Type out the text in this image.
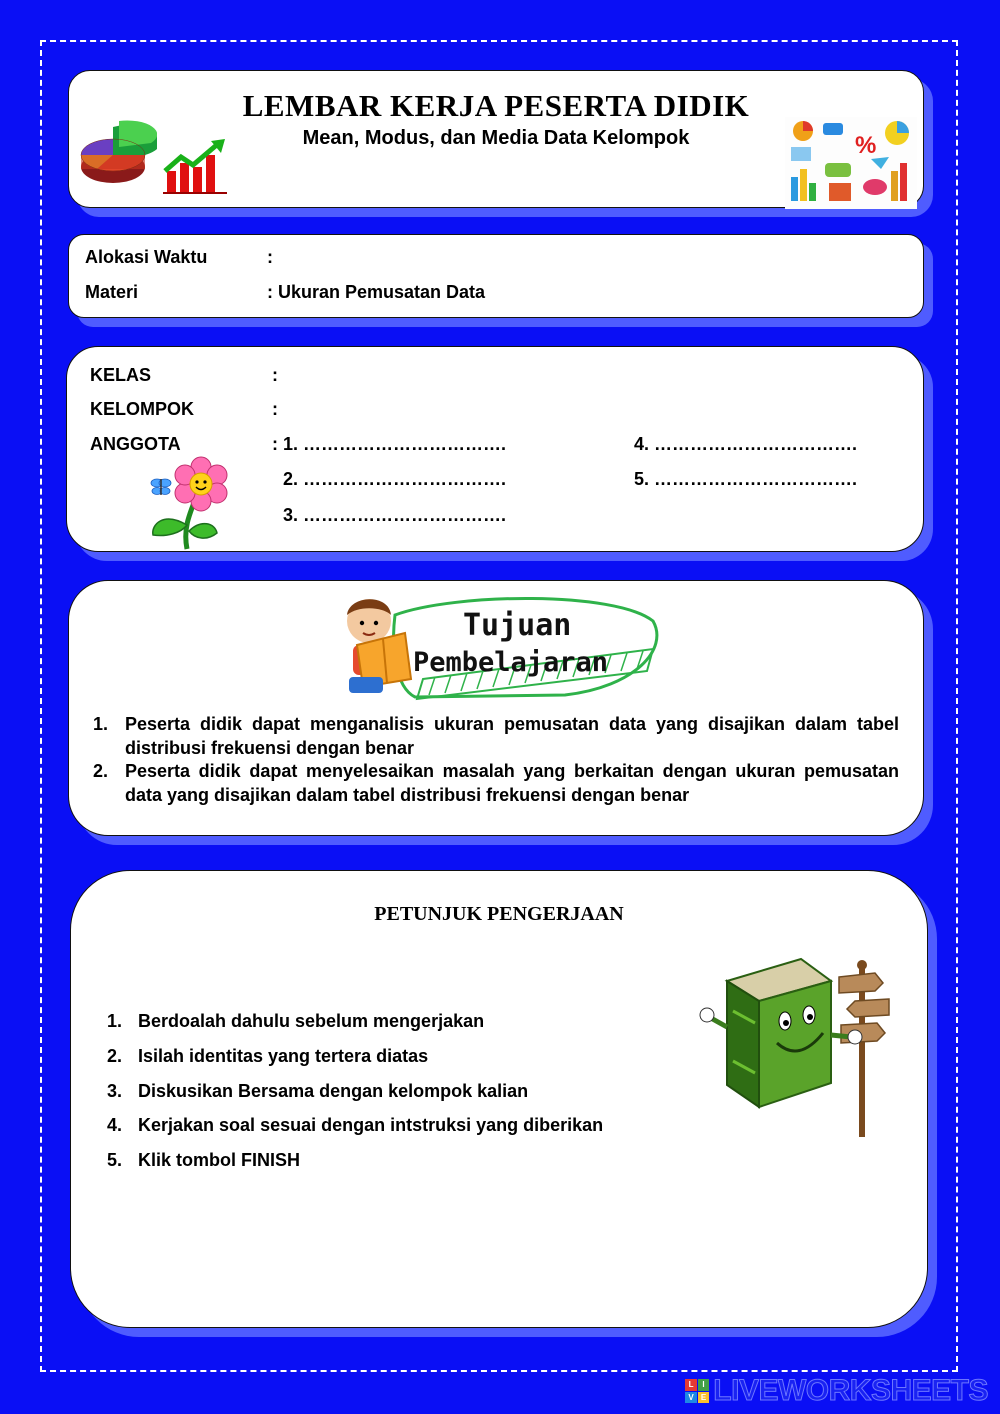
LEMBAR KERJA PESERTA DIDIK
Mean, Modus, dan Media Data Kelompok	%
Alokasi Waktu	:
Materi	: Ukuran Pemusatan Data
KELAS	:
KELOMPOK	:
ANGGOTA	: 1. …………………………….
2. …………………………….
3. …………………………….
4. …………………………….
5. …………………………….
Tujuan
Pembelajaran
1. Peserta didik dapat menganalisis ukuran pemusatan data yang disajikan dalam tabel distribusi frekuensi dengan benar
2. Peserta didik dapat menyelesaikan masalah yang berkaitan dengan ukuran pemusatan data yang disajikan dalam tabel distribusi frekuensi dengan benar
PETUNJUK PENGERJAAN
1. Berdoalah dahulu sebelum mengerjakan
2. Isilah identitas yang tertera diatas
3. Diskusikan Bersama dengan kelompok kalian
4. Kerjakan soal sesuai dengan intstruksi yang diberikan
5. Klik tombol FINISH
L	I
V E LIVEWORKSHEETS
